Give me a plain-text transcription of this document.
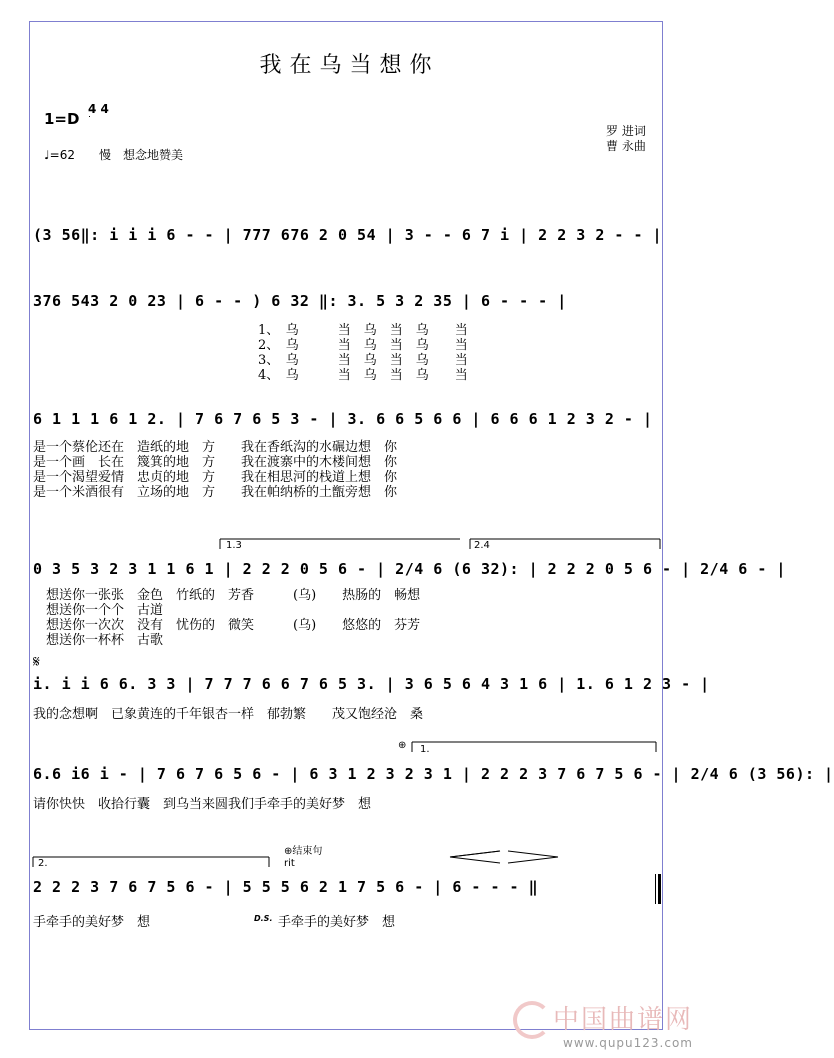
我在乌当想你
1=D
4 4
♩=62　　慢　想念地赞美
罗 进词
曹 永曲
(3 56‖: i i i 6 - - | 777 676 2 0 54 | 3 - - 6 7 i | 2 2 3 2 - - |
376 543 2 0 23 | 6 - - ) 6 32 ‖: 3. 5 3 2 35 | 6 - - - |
1、　乌　　　当　乌　当　乌　　当
2、　乌　　　当　乌　当　乌　　当
3、　乌　　　当　乌　当　乌　　当
4、　乌　　　当　乌　当　乌　　当
6 1 1 1 6 1 2. | 7 6 7 6 5 3 - | 3. 6 6 5 6 6 | 6 6 6 1 2 3 2 - |
是一个蔡伦还在　造纸的地　方　　我在香纸沟的水碾边想　你
是一个画　长在　篾箕的地　方　　我在渡寨中的木楼间想　你
是一个渴望爱情　忠贞的地　方　　我在相思河的栈道上想　你
是一个米酒很有　立场的地　方　　我在帕纳桥的土甑旁想　你
1.3	2.4
0 3 5 3 2 3 1 1 6 1 | 2 2 2 0 5 6 - | 2/4 6 (6 32): | 2 2 2 0 5 6 - | 2/4 6 - |
想送你一张张　金色　竹纸的　芳香　　　(乌)　　热肠的　畅想
想送你一个个　古道
想送你一次次　没有　忧伤的　微笑　　　(乌)　　悠悠的　芬芳
想送你一杯杯　古歌
𝄋
i. i i 6 6. 3 3 | 7 7 7 6 6 7 6 5 3. | 3 6 5 6 4 3 1 6 | 1. 6 1 2 3 - |
我的念想啊　已象黄连的千年银杏一样　郁勃繁　　茂又饱经沧　桑
⊕ 1.
6.6 i6 i - | 7 6 7 6 5 6 - | 6 3 1 2 3 2 3 1 | 2 2 2 3 7 6 7 5 6 - | 2/4 6 (3 56): |
请你快快　收拾行囊　到乌当来圆我们手牵手的美好梦　想
2.
⊕结束句
rit
2 2 2 3 7 6 7 5 6 - | 5 5 5 6 2 1 7 5 6 - | 6 - - - ‖
手牵手的美好梦　想　	D.S. 手牵手的美好梦　想
中国曲谱网
www.qupu123.com
